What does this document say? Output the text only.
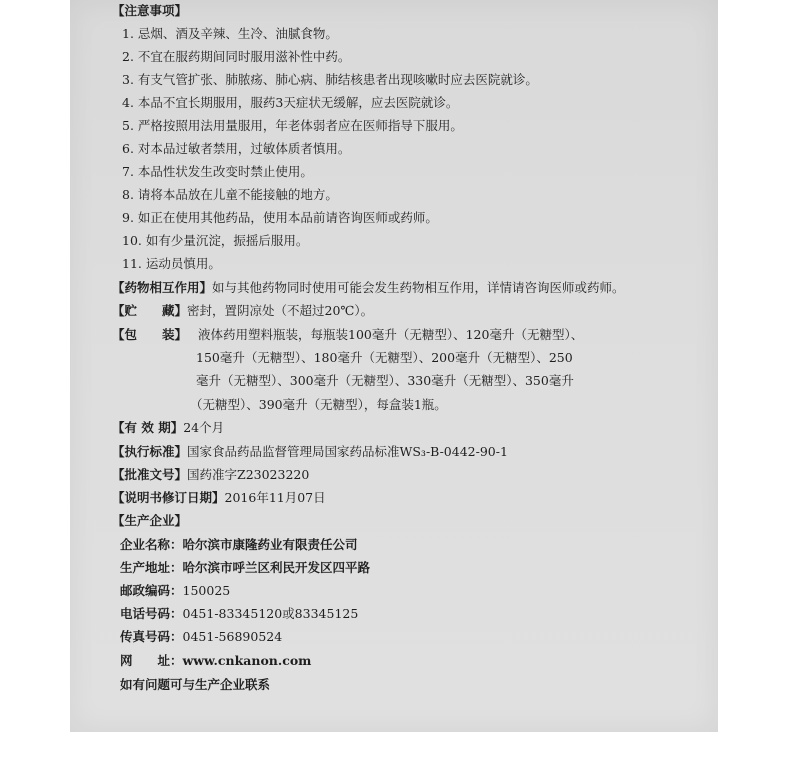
【注意事项】
1. 忌烟、酒及辛辣、生冷、油腻食物。
2. 不宜在服药期间同时服用滋补性中药。
3. 有支气管扩张、肺脓疡、肺心病、肺结核患者出现咳嗽时应去医院就诊。
4. 本品不宜长期服用，服药3天症状无缓解，应去医院就诊。
5. 严格按照用法用量服用，年老体弱者应在医师指导下服用。
6. 对本品过敏者禁用，过敏体质者慎用。
7. 本品性状发生改变时禁止使用。
8. 请将本品放在儿童不能接触的地方。
9. 如正在使用其他药品，使用本品前请咨询医师或药师。
10. 如有少量沉淀，振摇后服用。
11. 运动员慎用。
【药物相互作用】如与其他药物同时使用可能会发生药物相互作用，详情请咨询医师或药师。
【贮　　藏】密封，置阴凉处（不超过20℃）。
【包　　装】 液体药用塑料瓶装，每瓶装100毫升（无糖型）、120毫升（无糖型）、
150毫升（无糖型）、180毫升（无糖型）、200毫升（无糖型）、250
毫升（无糖型）、300毫升（无糖型）、330毫升（无糖型）、350毫升
（无糖型）、390毫升（无糖型），每盒装1瓶。
【有 效 期】24个月
【执行标准】国家食品药品监督管理局国家药品标准WS₃-B-0442-90-1
【批准文号】国药准字Z23023220
【说明书修订日期】2016年11月07日
【生产企业】
企业名称：哈尔滨市康隆药业有限责任公司
生产地址：哈尔滨市呼兰区利民开发区四平路
邮政编码：150025
电话号码：0451-83345120或83345125
传真号码：0451-56890524
网　　址：www.cnkanon.com
如有问题可与生产企业联系
